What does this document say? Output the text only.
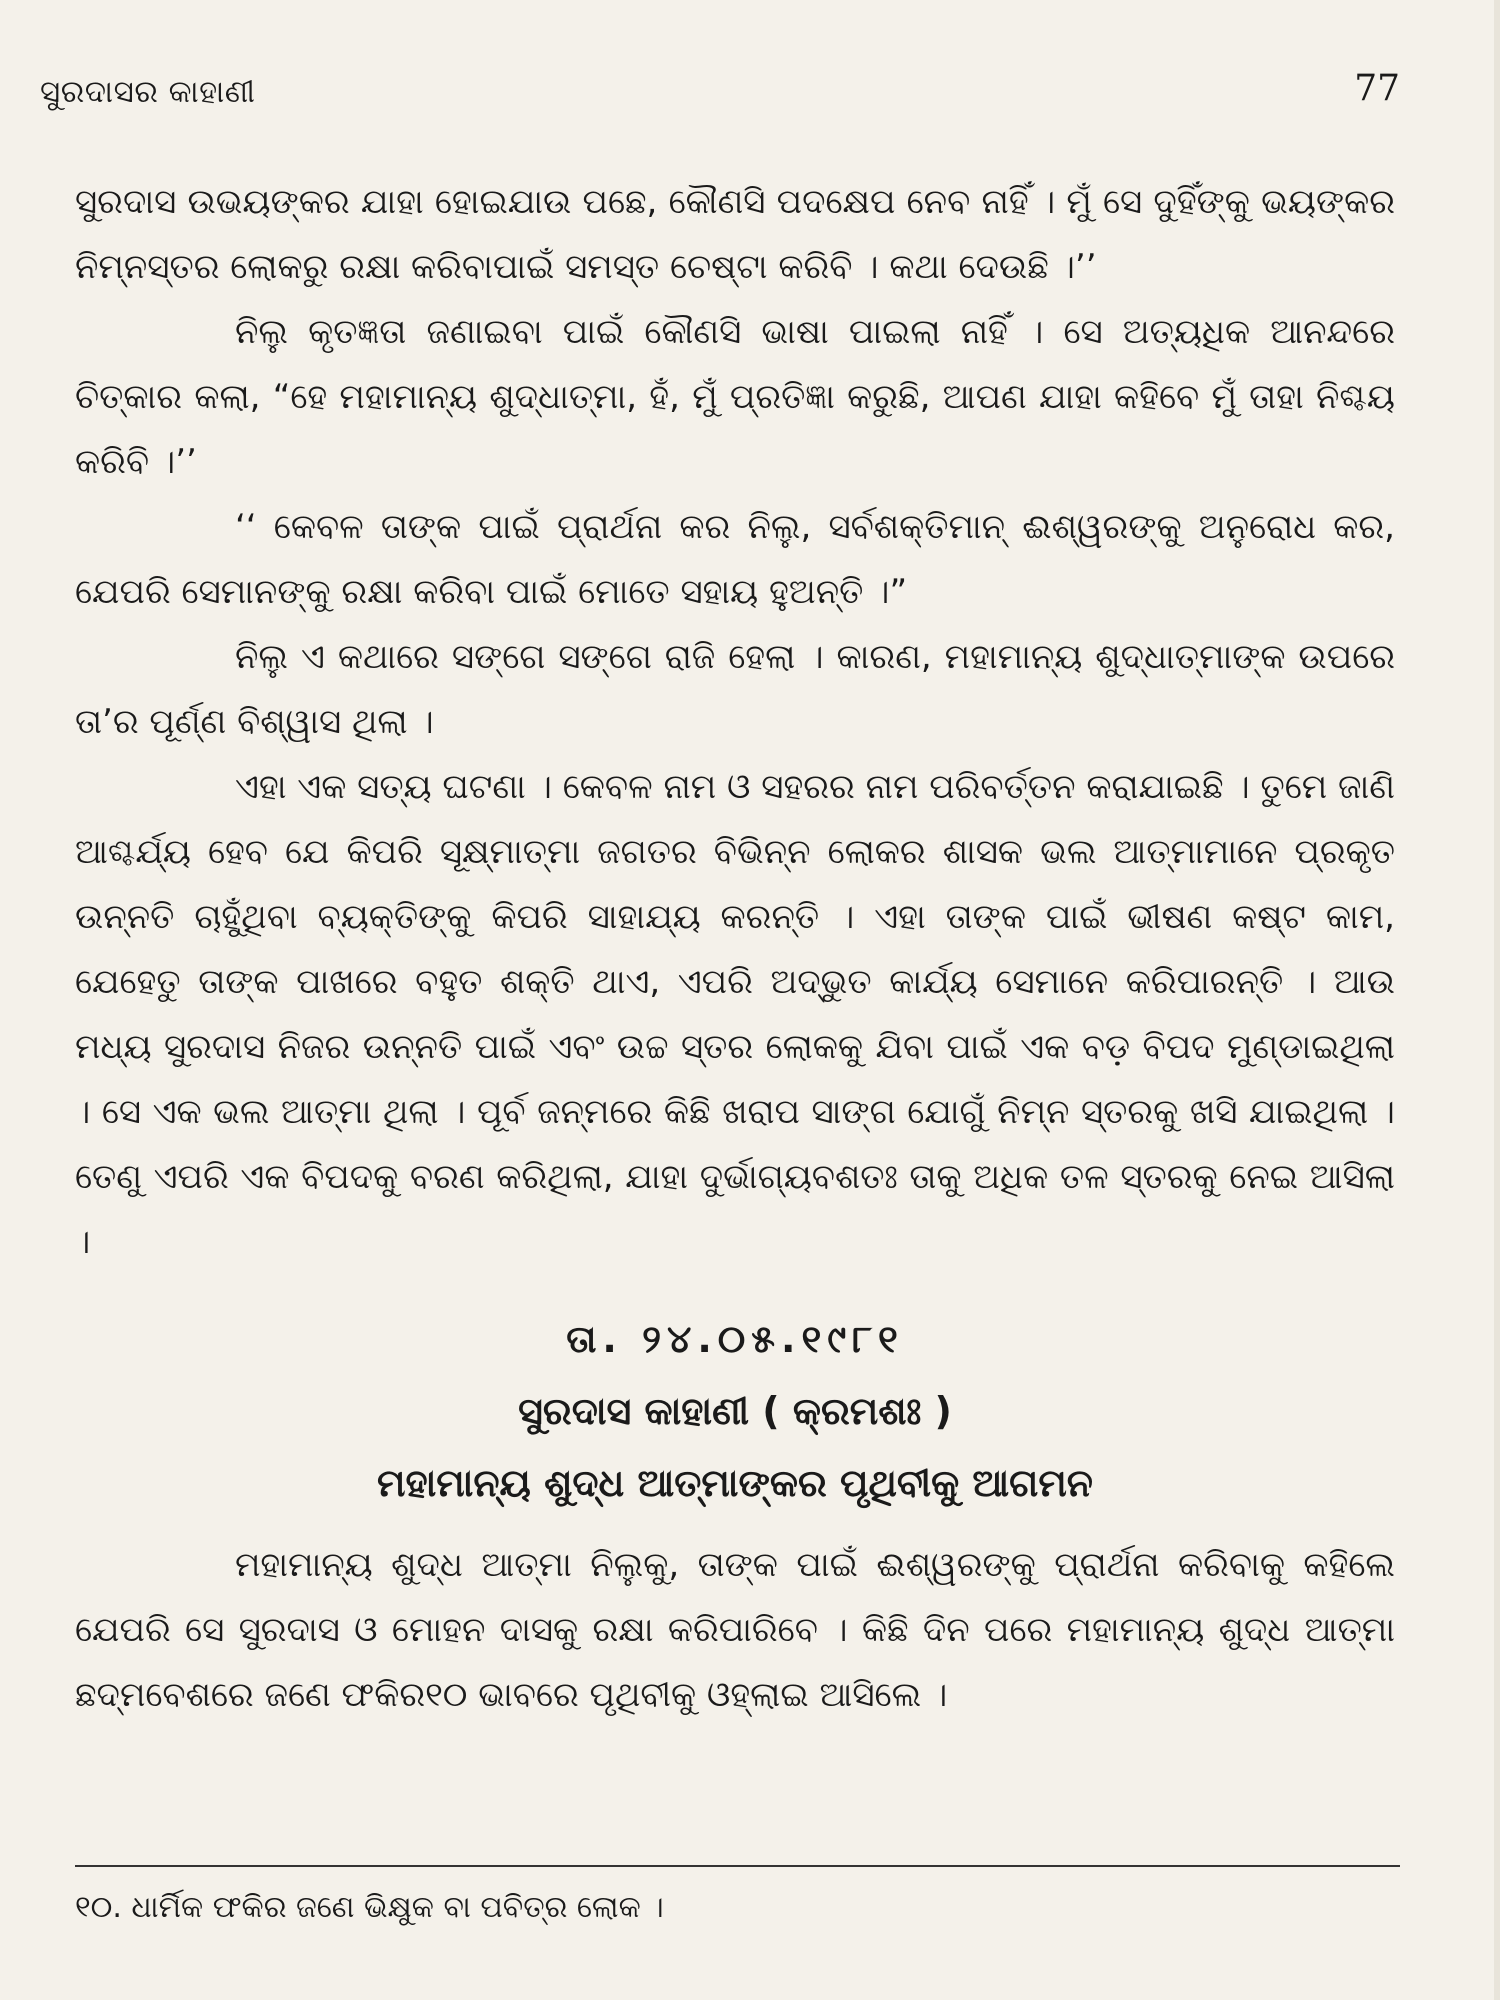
ସୁରଦାସର କାହାଣୀ	77

ସୁରଦାସ ଉଭୟଙ୍କର ଯାହା ହୋଇଯାଉ ପଛେ, କୌଣସି ପଦକ୍ଷେପ ନେବ ନାହିଁ । ମୁଁ ସେ ଦୁହିଁଙ୍କୁ ଭୟଙ୍କର ନିମ୍ନସ୍ତର ଲୋକରୁ ରକ୍ଷା କରିବାପାଇଁ ସମସ୍ତ ଚେଷ୍ଟା କରିବି । କଥା ଦେଉଛି ।’’

ନିଲୁ କୃତଜ୍ଞତା ଜଣାଇବା ପାଇଁ କୌଣସି ଭାଷା ପାଇଲା ନାହିଁ । ସେ ଅତ୍ୟଧିକ ଆନନ୍ଦରେ ଚିତ୍କାର କଲା, “ହେ ମହାମାନ୍ୟ ଶୁଦ୍ଧାତ୍ମା, ହଁ, ମୁଁ ପ୍ରତିଜ୍ଞା କରୁଛି, ଆପଣ ଯାହା କହିବେ ମୁଁ ତାହା ନିଶ୍ଚୟ କରିବି ।’’

‘‘ କେବଳ ତାଙ୍କ ପାଇଁ ପ୍ରାର୍ଥନା କର ନିଲୁ, ସର୍ବଶକ୍ତିମାନ୍ ଈଶ୍ୱରଙ୍କୁ ଅନୁରୋଧ କର, ଯେପରି ସେମାନଙ୍କୁ ରକ୍ଷା କରିବା ପାଇଁ ମୋତେ ସହାୟ ହୁଅନ୍ତି ।”

ନିଲୁ ଏ କଥାରେ ସଙ୍ଗେ ସଙ୍ଗେ ରାଜି ହେଲା । କାରଣ, ମହାମାନ୍ୟ ଶୁଦ୍ଧାତ୍ମାଙ୍କ ଉପରେ ତା’ର ପୂର୍ଣ୍ଣ ବିଶ୍ୱାସ ଥିଲା ।

ଏହା ଏକ ସତ୍ୟ ଘଟଣା । କେବଳ ନାମ ଓ ସହରର ନାମ ପରିବର୍ତ୍ତନ କରାଯାଇଛି । ତୁମେ ଜାଣି ଆଶ୍ଚର୍ଯ୍ୟ ହେବ ଯେ କିପରି ସୂକ୍ଷ୍ମାତ୍ମା ଜଗତର ବିଭିନ୍ନ ଲୋକର ଶାସକ ଭଲ ଆତ୍ମାମାନେ ପ୍ରକୃତ ଉନ୍ନତି ଚାହୁଁଥିବା ବ୍ୟକ୍ତିଙ୍କୁ କିପରି ସାହାଯ୍ୟ କରନ୍ତି । ଏହା ତାଙ୍କ ପାଇଁ ଭୀଷଣ କଷ୍ଟ କାମ, ଯେହେତୁ ତାଙ୍କ ପାଖରେ ବହୁତ ଶକ୍ତି ଥାଏ, ଏପରି ଅଦ୍ଭୁତ କାର୍ଯ୍ୟ ସେମାନେ କରିପାରନ୍ତି । ଆଉ ମଧ୍ୟ ସୁରଦାସ ନିଜର ଉନ୍ନତି ପାଇଁ ଏବଂ ଉଚ୍ଚ ସ୍ତର ଲୋକକୁ ଯିବା ପାଇଁ ଏକ ବଡ଼ ବିପଦ ମୁଣ୍ଡାଇଥିଲା । ସେ ଏକ ଭଲ ଆତ୍ମା ଥିଲା । ପୂର୍ବ ଜନ୍ମରେ କିଛି ଖରାପ ସାଙ୍ଗ ଯୋଗୁଁ ନିମ୍ନ ସ୍ତରକୁ ଖସି ଯାଇଥିଲା । ତେଣୁ ଏପରି ଏକ ବିପଦକୁ ବରଣ କରିଥିଲା, ଯାହା ଦୁର୍ଭାଗ୍ୟବଶତଃ ତାକୁ ଅଧିକ ତଳ ସ୍ତରକୁ ନେଇ ଆସିଲା ।

ତା. ୨୪.୦୫.୧୯୮୧

ସୁରଦାସ କାହାଣୀ ( କ୍ରମଶଃ )

ମହାମାନ୍ୟ ଶୁଦ୍ଧ ଆତ୍ମାଙ୍କର ପୃଥିବୀକୁ ଆଗମନ

ମହାମାନ୍ୟ ଶୁଦ୍ଧ ଆତ୍ମା ନିଲୁକୁ, ତାଙ୍କ ପାଇଁ ଈଶ୍ୱରଙ୍କୁ ପ୍ରାର୍ଥନା କରିବାକୁ କହିଲେ ଯେପରି ସେ ସୁରଦାସ ଓ ମୋହନ ଦାସକୁ ରକ୍ଷା କରିପାରିବେ । କିଛି ଦିନ ପରେ ମହାମାନ୍ୟ ଶୁଦ୍ଧ ଆତ୍ମା ଛଦ୍ମବେଶରେ ଜଣେ ଫକିର୧୦ ଭାବରେ ପୃଥିବୀକୁ ଓହ୍ଲାଇ ଆସିଲେ ।

୧୦. ଧାର୍ମିକ ଫକିର ଜଣେ ଭିକ୍ଷୁକ ବା ପବିତ୍ର ଲୋକ ।
